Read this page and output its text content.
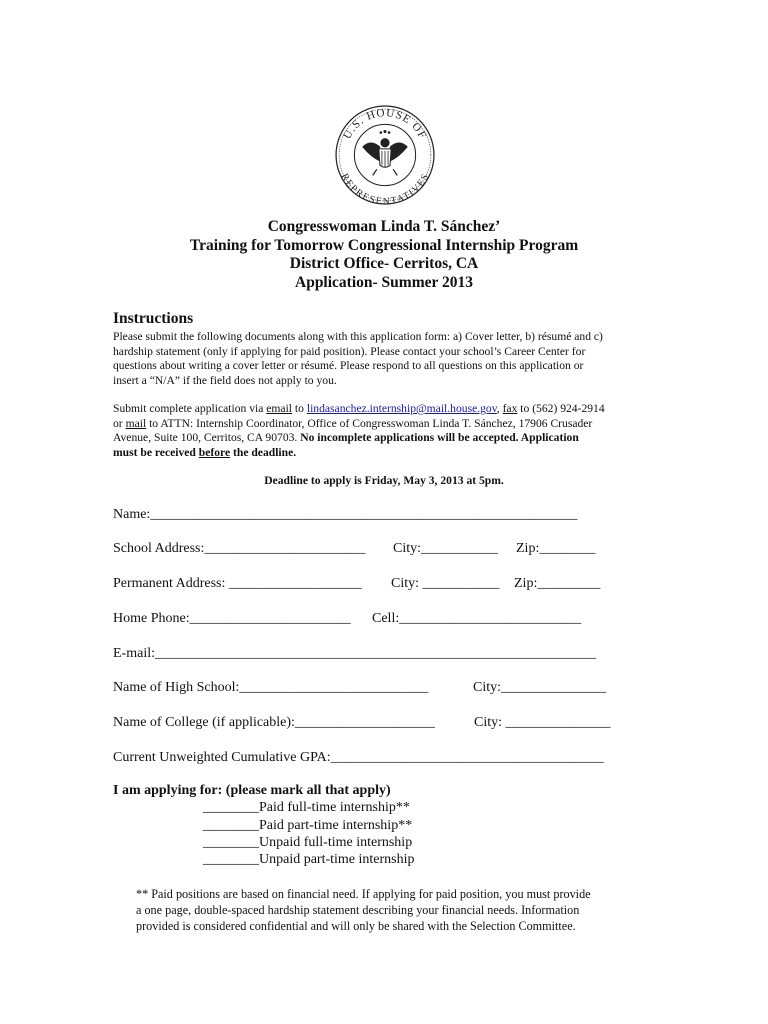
U.S. HOUSE OF
REPRESENTATIVES
Congresswoman Linda T. Sánchez’
Training for Tomorrow Congressional Internship Program
District Office- Cerritos, CA
Application- Summer 2013
Instructions
Please submit the following documents along with this application form: a) Cover letter, b) résumé and c)
hardship statement (only if applying for paid position). Please contact your school’s Career Center for
questions about writing a cover letter or résumé. Please respond to all questions on this application or
insert a “N/A” if the field does not apply to you.
Submit complete application via email to lindasanchez.internship@mail.house.gov, fax to (562) 924-2914
or mail to ATTN: Internship Coordinator, Office of Congresswoman Linda T. Sánchez, 17906 Crusader
Avenue, Suite 100, Cerritos, CA 90703. No incomplete applications will be accepted. Application
must be received before the deadline.
Deadline to apply is Friday, May 3, 2013 at 5pm.
Name:_____________________________________________________________
School Address:_______________________ City:___________ Zip:________
Permanent Address: ___________________ City: ___________ Zip:_________
Home Phone:_______________________ Cell:__________________________
E-mail:_______________________________________________________________
Name of High School:___________________________	City:_______________
Name of College (if applicable):____________________	City: _______________
Current Unweighted Cumulative GPA:_______________________________________
I am applying for: (please mark all that apply)
________Paid full-time internship**
________Paid part-time internship**
________Unpaid full-time internship
________Unpaid part-time internship
** Paid positions are based on financial need. If applying for paid position, you must provide
a one page, double-spaced hardship statement describing your financial needs. Information
provided is considered confidential and will only be shared with the Selection Committee.
